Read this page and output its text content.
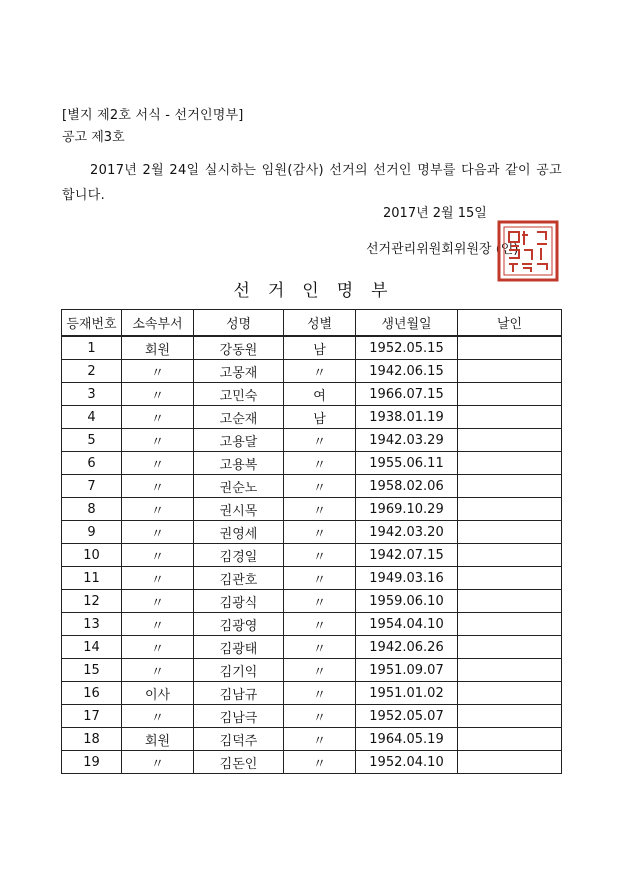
[별지 제2호 서식 - 선거인명부]
공고 제3호
2017년 2월 24일 실시하는 임원(감사) 선거의 선거인 명부를 다음과 같이 공고합니다.
2017년 2월 15일
선거관리위원회위원장 (인)
선거인명부
등재번호	소속부서	성명	성별	생년월일	날인
1	회원	강동원	남	1952.05.15	
2	〃	고몽재	〃	1942.06.15	
3	〃	고민숙	여	1966.07.15	
4	〃	고순재	남	1938.01.19	
5	〃	고용달	〃	1942.03.29	
6	〃	고용복	〃	1955.06.11	
7	〃	권순노	〃	1958.02.06	
8	〃	권시목	〃	1969.10.29	
9	〃	권영세	〃	1942.03.20	
10	〃	김경일	〃	1942.07.15	
11	〃	김관호	〃	1949.03.16	
12	〃	김광식	〃	1959.06.10	
13	〃	김광영	〃	1954.04.10	
14	〃	김광태	〃	1942.06.26	
15	〃	김기익	〃	1951.09.07	
16	이사	김남규	〃	1951.01.02	
17	〃	김남극	〃	1952.05.07	
18	회원	김덕주	〃	1964.05.19	
19	〃	김돈인	〃	1952.04.10	
